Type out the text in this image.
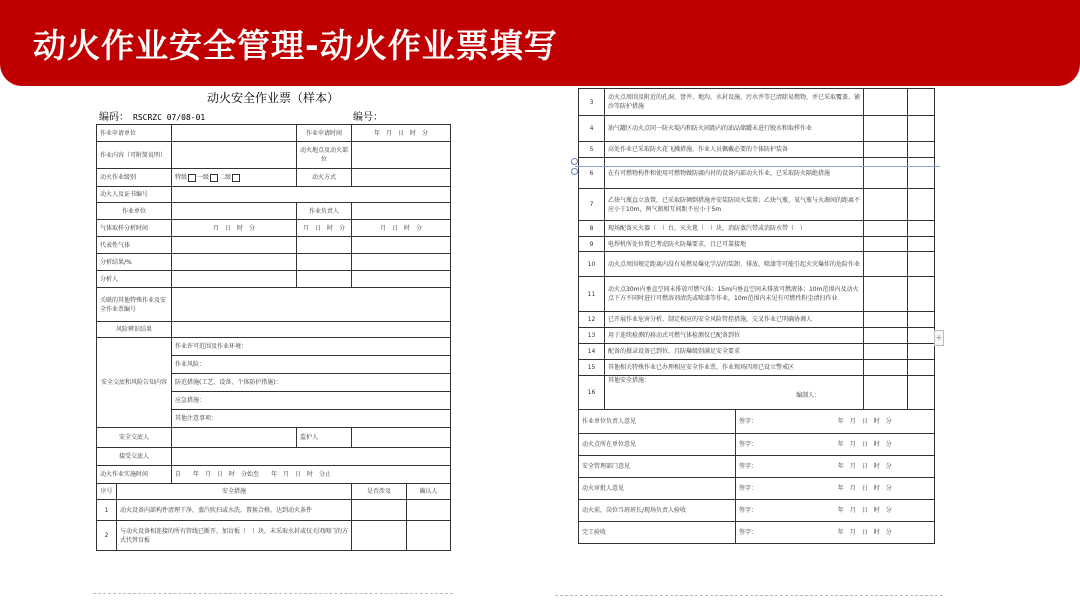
动火作业安全管理-动火作业票填写
动火安全作业票（样本）
编码： RSCRZC 07/08-01	编号：
作业申请单位			作业申请时间	年　月　日　时　分	
作业内容（可附简说明）			动火地点及动火部位		
动火作业级别		特级 一级 二级	动火方式		
动火人及证书编号					
作业单位			作业负责人		
气体取样分析时间		月　日　时　分	月　日　时　分	月　日　时　分	
代表性气体					
分析结果/%					
分析人					
关联的其他特殊作业及安全作业票编号					
风险辨识结果					
安全交底和风险告知内容		作业许可范围及作业环境：			
		作业风险：			
		防范措施(工艺、设备、个体防护措施)：			
		应急措施：			
		其他注意事项：			
安全交底人			监护人		
接受交底人					
动火作业实施时间		自　　年　月　日　时　分始至　　年　月　日　时　分止			
序号	安全措施			是否涉及	确认人
1	动火设备内部构件清理干净，蒸汽吹扫或水洗、置换合格，达到动火条件				
2	与动火设备相连接的所有管线已断开，加盲板（　）块，未采取水封或仅关闭阀门的方式代替盲板				
3	动火点周围及附近的孔洞、窨井、地沟、水封设施、污水井等已清除易燃物，并已采取覆盖、铺沙等防护措施				

4	油气罐区动火点同一防火堤内和防火间距内的油品储罐未进行脱水和取样作业				

5	高处作业已采取防火花飞溅措施，作业人员佩戴必要的个体防护装备				

6	在有可燃物构件和使用可燃物做防腐内衬的设备内部动火作业，已采取防火隔绝措施				

7	乙炔气瓶直立放置，已采取防倾倒措施并安装防回火装置；乙炔气瓶、氧气瓶与火源间的距离不应小于10m，两气瓶相互间距不应小于5m				

8	现场配备灭火器（　）台，灭火毯（　）块，消防蒸汽带或消防水带（　）				

9	电焊机所处位置已考虑防火防爆要求，且已可靠接地				

10	动火点周围规定距离内没有易燃易爆化学品的装卸、排放、喷漆等可能引起火灾爆炸的危险作业				

11	动火点30m内垂直空间未排放可燃气体；15m内垂直空间未排放可燃液体；10m范围内及动火点下方不同时进行可燃溶剂清洗或喷漆等作业，10m范围内未见有可燃性粉尘清扫作业				

12	已开展作业危害分析，制定相应的安全风险管控措施，交叉作业已明确协调人				

13	用于连续检测的移动式可燃气体检测仪已配备到位				

14	配备的摄录设备已到位，且防爆级别满足安全要求				

15	其他相关特殊作业已办理相应安全作业票，作业现场四周已设立警戒区				

16	其他安全措施：
编制人：				

作业单位负责人意见		签字：	年　月　日　时　分		
动火点所在单位意见		签字：	年　月　日　时　分		
安全管理部门意见		签字：	年　月　日　时　分		
动火审批人意见		签字：	年　月　日　时　分		
动火前，岗位当班班长/现场负责人验收		签字：	年　月　日　时　分		
完工验收		签字：	年　月　日　时　分		
+
